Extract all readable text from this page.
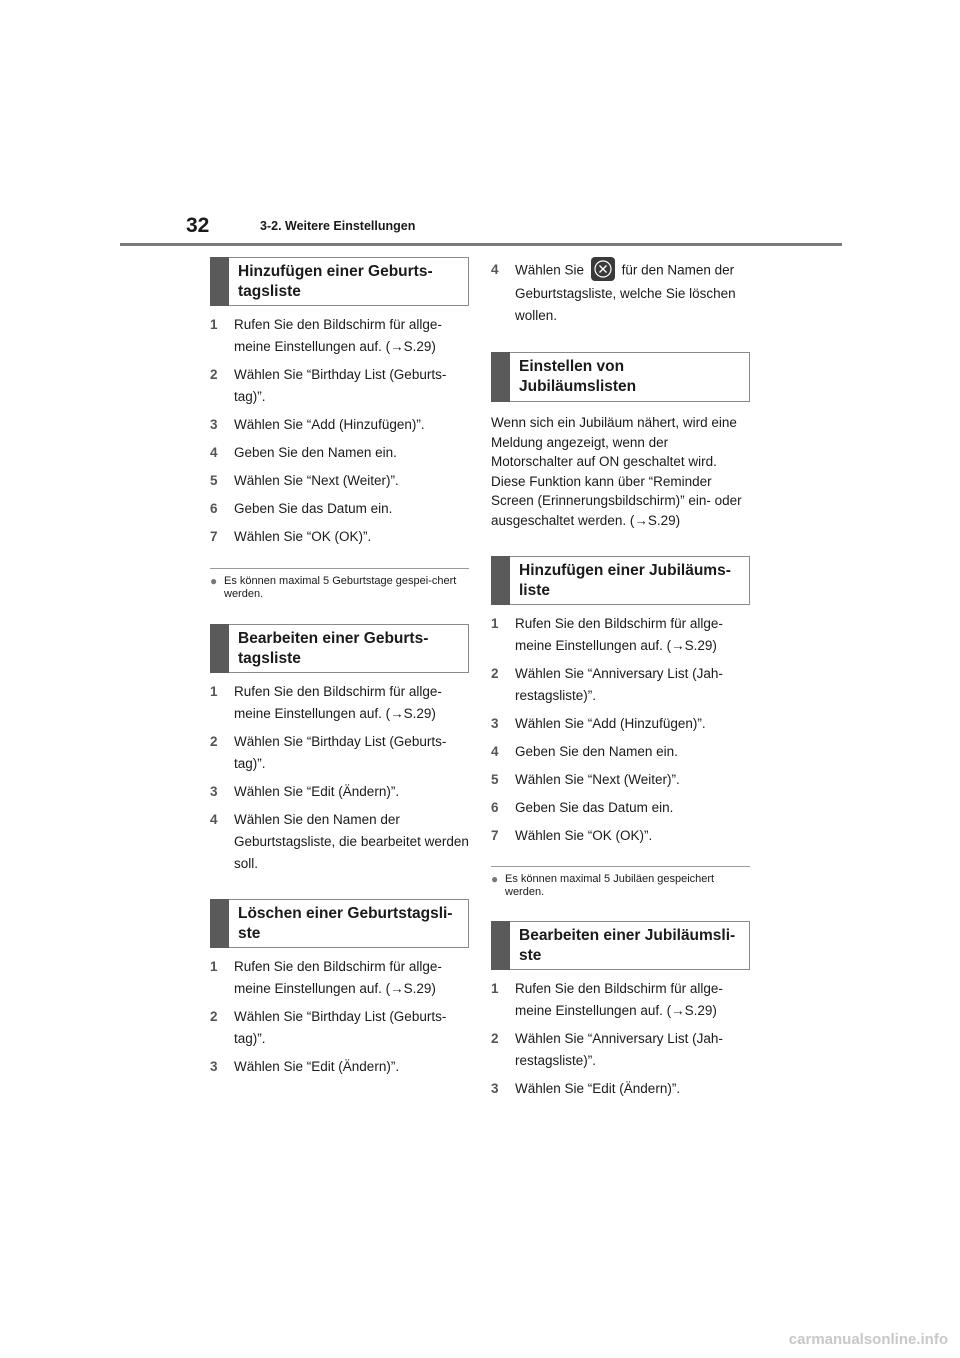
32	3-2. Weitere Einstellungen
Hinzufügen einer Geburts-tagsliste
1	Rufen Sie den Bildschirm für allge-meine Einstellungen auf. (→S.29)
2	Wählen Sie “Birthday List (Geburts-tag)”.
3	Wählen Sie “Add (Hinzufügen)”.
4	Geben Sie den Namen ein.
5	Wählen Sie “Next (Weiter)”.
6	Geben Sie das Datum ein.
7	Wählen Sie “OK (OK)”.
● Es können maximal 5 Geburtstage gespei-chert werden.
Bearbeiten einer Geburts-tagsliste
1	Rufen Sie den Bildschirm für allge-meine Einstellungen auf. (→S.29)
2	Wählen Sie “Birthday List (Geburts-tag)”.
3	Wählen Sie “Edit (Ändern)”.
4	Wählen Sie den Namen der Geburtstagsliste, die bearbeitet werden soll.
Löschen einer Geburtstagsli-ste
1	Rufen Sie den Bildschirm für allge-meine Einstellungen auf. (→S.29)
2	Wählen Sie “Birthday List (Geburts-tag)”.
3	Wählen Sie “Edit (Ändern)”.
4	Wählen Sie	für den Namen der Geburtstagsliste, welche Sie löschen wollen.
Einstellen von Jubiläumslisten

Wenn sich ein Jubiläum nähert, wird eine Meldung angezeigt, wenn der Motorschalter auf ON geschaltet wird. Diese Funktion kann über “Reminder Screen (Erinnerungsbildschirm)” ein- oder ausgeschaltet werden. (→S.29)

Hinzufügen einer Jubiläums-liste
1	Rufen Sie den Bildschirm für allge-meine Einstellungen auf. (→S.29)
2	Wählen Sie “Anniversary List (Jah-restagsliste)”.
3	Wählen Sie “Add (Hinzufügen)”.
4	Geben Sie den Namen ein.
5	Wählen Sie “Next (Weiter)”.
6	Geben Sie das Datum ein.
7	Wählen Sie “OK (OK)”.
● Es können maximal 5 Jubiläen gespeichert werden.
Bearbeiten einer Jubiläumsli-ste
1	Rufen Sie den Bildschirm für allge-meine Einstellungen auf. (→S.29)
2	Wählen Sie “Anniversary List (Jah-restagsliste)”.
3	Wählen Sie “Edit (Ändern)”.
carmanualsonline.info
